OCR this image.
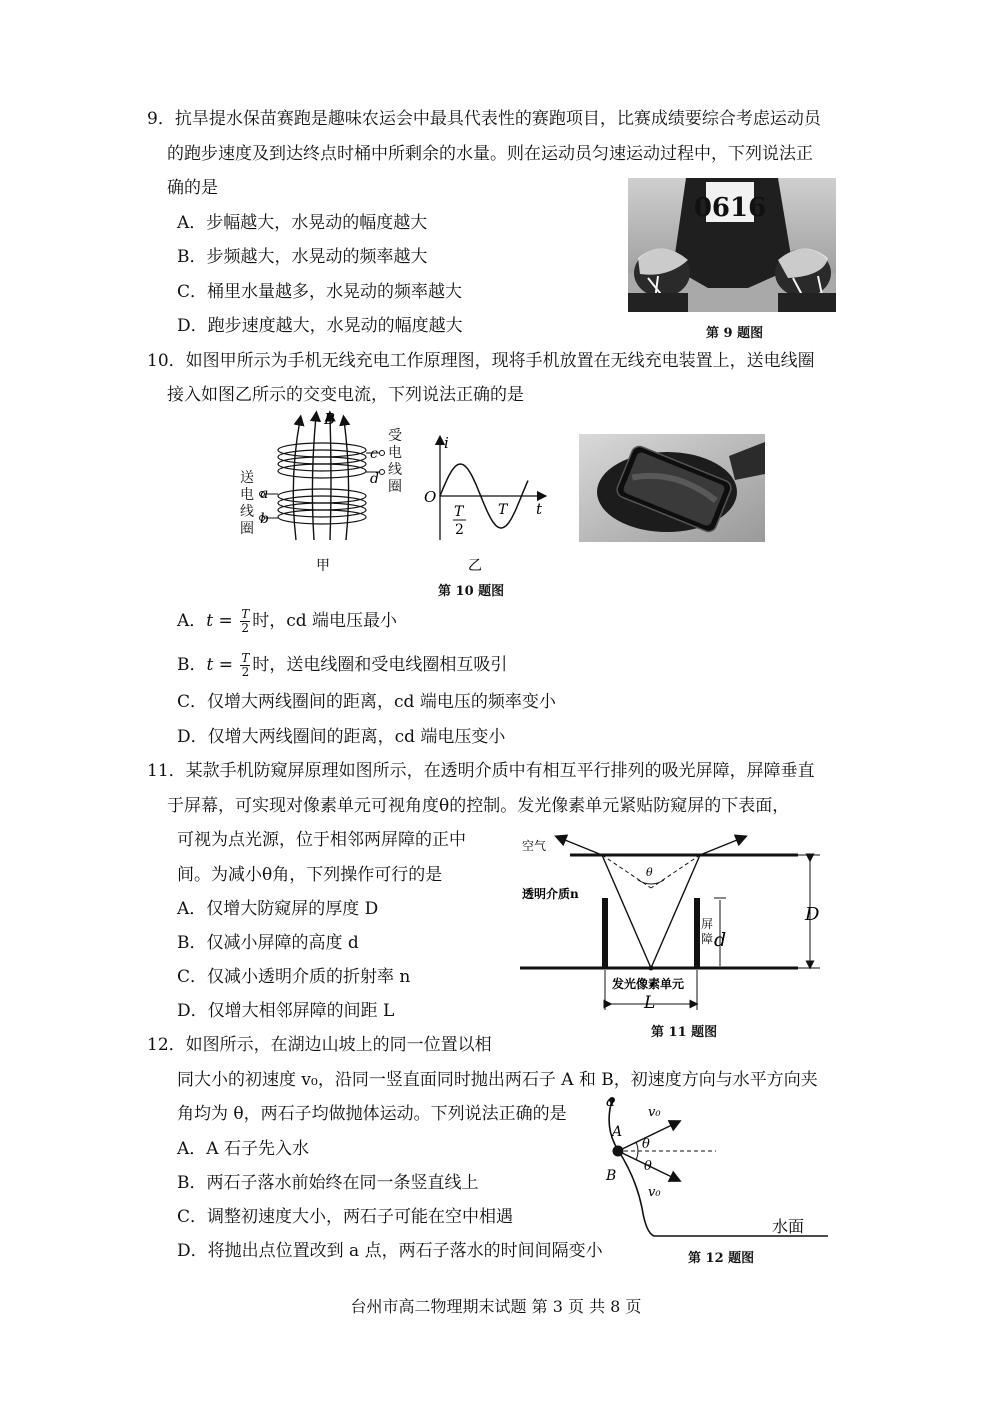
9．抗旱提水保苗赛跑是趣味农运会中最具代表性的赛跑项目，比赛成绩要综合考虑运动员
的跑步速度及到达终点时桶中所剩余的水量。则在运动员匀速运动过程中，下列说法正
确的是
A．步幅越大，水晃动的幅度越大
B．步频越大，水晃动的频率越大
C．桶里水量越多，水晃动的频率越大
D．跑步速度越大，水晃动的幅度越大
0616
第 9 题图
10．如图甲所示为手机无线充电工作原理图，现将手机放置在无线充电装置上，送电线圈
接入如图乙所示的交变电流，下列说法正确的是
B
c
d
a
b
甲
受电线圈
送电线圈
i
O
T
2
T t
乙
第 10 题图
A．$t = \frac{T}{2}$ 时，cd 端电压最小
B．$t = \frac{T}{2}$ 时，送电线圈和受电线圈相互吸引
C．仅增大两线圈间的距离，cd 端电压的频率变小
D．仅增大两线圈间的距离，cd 端电压变小
11．某款手机防窥屏原理如图所示，在透明介质中有相互平行排列的吸光屏障，屏障垂直
于屏幕，可实现对像素单元可视角度θ的控制。发光像素单元紧贴防窥屏的下表面，
可视为点光源，位于相邻两屏障的正中
间。为减小θ角，下列操作可行的是
A．仅增大防窥屏的厚度 D
B．仅减小屏障的高度 d
C．仅减小透明介质的折射率 n
D．仅增大相邻屏障的间距 L
空气
透明介质n
θ
d
D
发光像素单元
L
屏障
第 11 题图
12．如图所示，在湖边山坡上的同一位置以相
同大小的初速度 v₀，沿同一竖直面同时抛出两石子 A 和 B，初速度方向与水平方向夹
角均为 θ，两石子均做抛体运动。下列说法正确的是
A．A 石子先入水
B．两石子落水前始终在同一条竖直线上
C．调整初速度大小，两石子可能在空中相遇
D．将抛出点位置改到 a 点，两石子落水的时间间隔变小
a
v₀
A
θ
θ
B
v₀
水面
第 12 题图
台州市高二物理期末试题 第 3 页 共 8 页
